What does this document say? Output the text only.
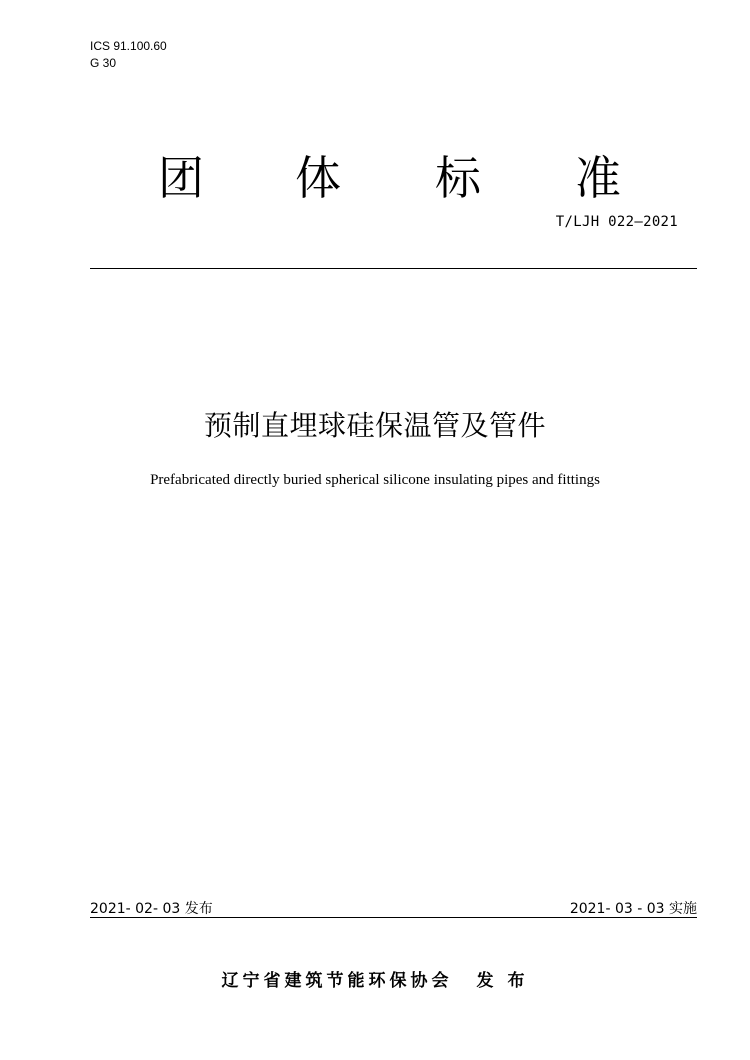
ICS 91.100.60
G 30
团 体 标 准
T/LJH 022—2021
预制直埋球硅保温管及管件
Prefabricated directly buried spherical silicone insulating pipes and fittings
2021- 02- 03 发布	2021- 03 - 03 实施
辽宁省建筑节能环保协会 发 布
